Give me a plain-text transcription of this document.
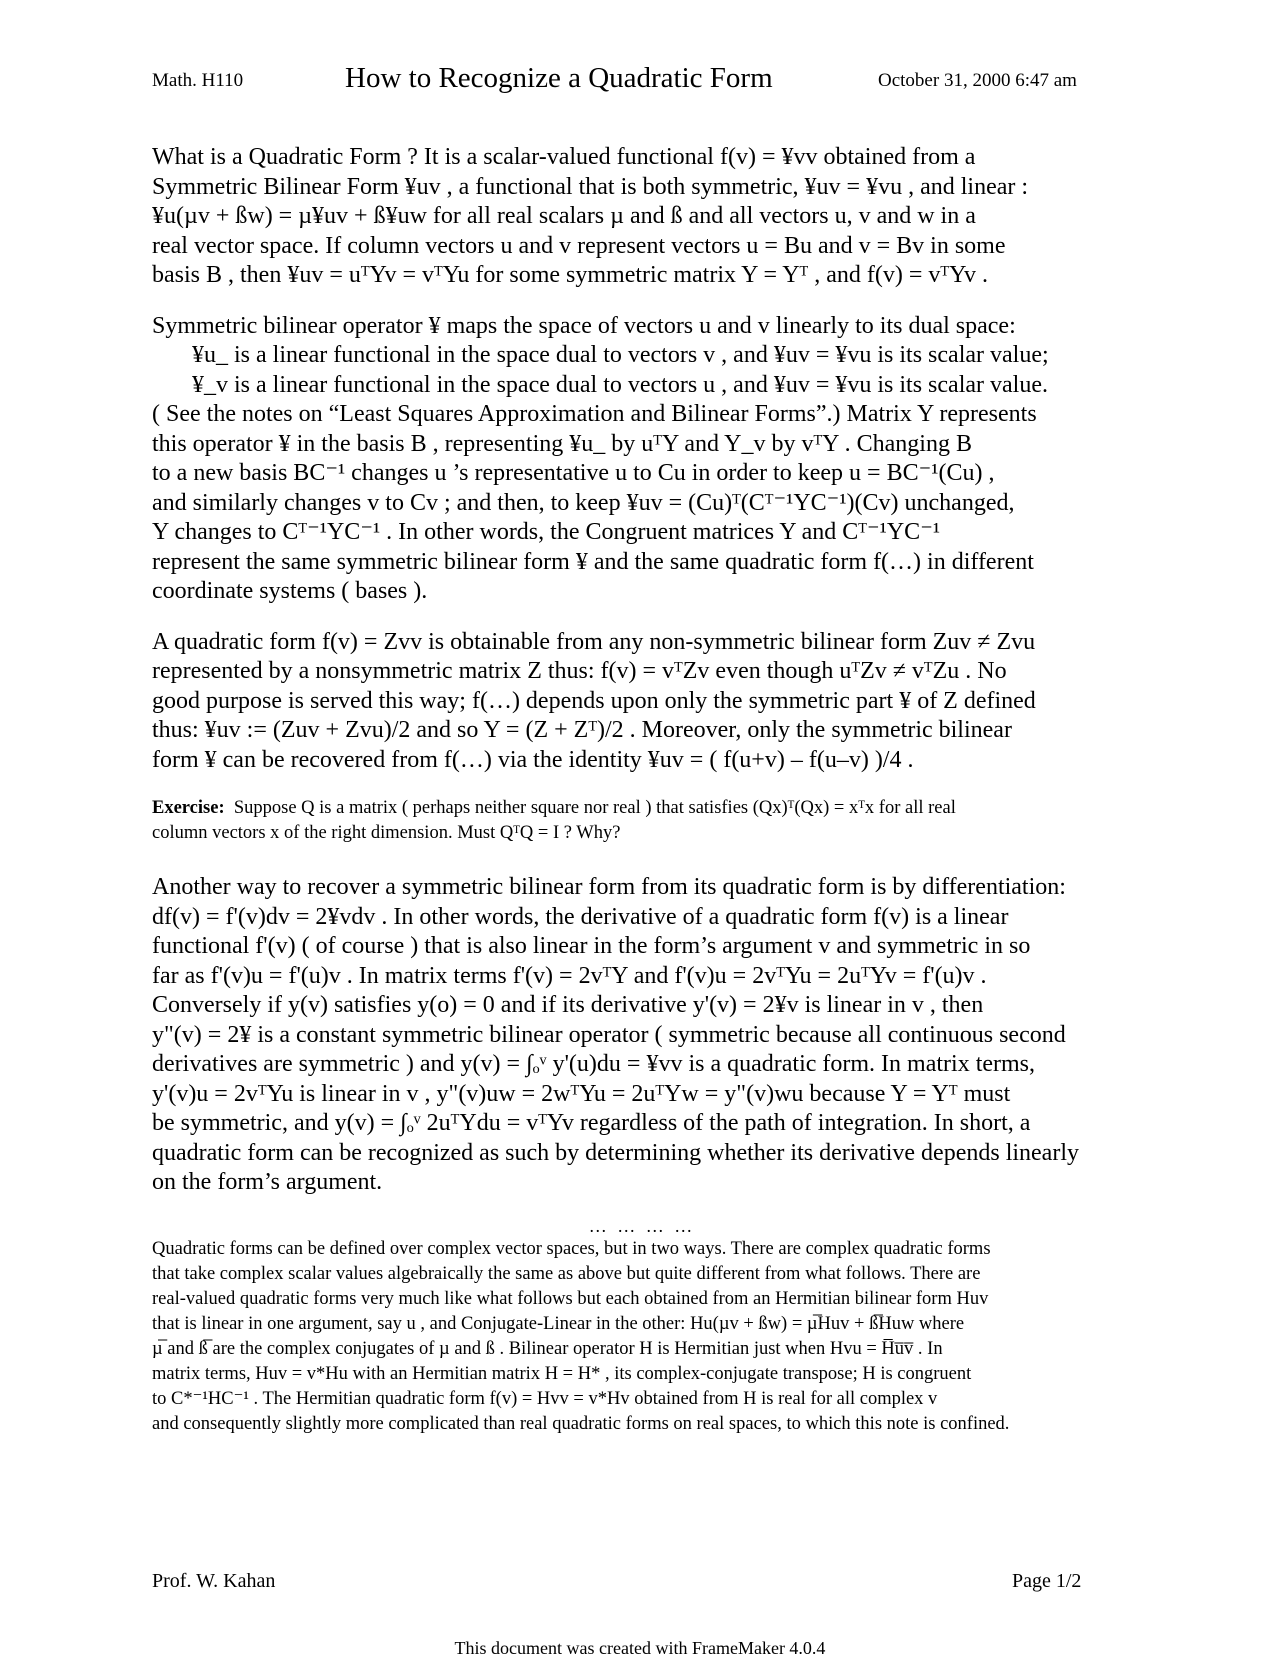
Math. H110	How to Recognize a Quadratic Form	October 31, 2000 6:47 am
What is a Quadratic Form ? It is a scalar-valued functional f(v) = ¥vv obtained from a
Symmetric Bilinear Form ¥uv , a functional that is both symmetric, ¥uv = ¥vu , and linear :
¥u(µv + ßw) = µ¥uv + ß¥uw for all real scalars µ and ß and all vectors u, v and w in a
real vector space. If column vectors u and v represent vectors u = Bu and v = Bv in some
basis B , then ¥uv = uᵀYv = vᵀYu for some symmetric matrix Y = Yᵀ , and f(v) = vᵀYv .
Symmetric bilinear operator ¥ maps the space of vectors u and v linearly to its dual space:
¥u_ is a linear functional in the space dual to vectors v , and ¥uv = ¥vu is its scalar value;
¥_v is a linear functional in the space dual to vectors u , and ¥uv = ¥vu is its scalar value.
( See the notes on “Least Squares Approximation and Bilinear Forms”.) Matrix Y represents
this operator ¥ in the basis B , representing ¥u_ by uᵀY and Y_v by vᵀY . Changing B
to a new basis BC⁻¹ changes u ’s representative u to Cu in order to keep u = BC⁻¹(Cu) ,
and similarly changes v to Cv ; and then, to keep ¥uv = (Cu)ᵀ(Cᵀ⁻¹YC⁻¹)(Cv) unchanged,
Y changes to Cᵀ⁻¹YC⁻¹ . In other words, the Congruent matrices Y and Cᵀ⁻¹YC⁻¹
represent the same symmetric bilinear form ¥ and the same quadratic form f(…) in different
coordinate systems ( bases ).
A quadratic form f(v) = Zvv is obtainable from any non-symmetric bilinear form Zuv ≠ Zvu
represented by a nonsymmetric matrix Z thus: f(v) = vᵀZv even though uᵀZv ≠ vᵀZu . No
good purpose is served this way; f(…) depends upon only the symmetric part ¥ of Z defined
thus: ¥uv := (Zuv + Zvu)/2 and so Y = (Z + Zᵀ)/2 . Moreover, only the symmetric bilinear
form ¥ can be recovered from f(…) via the identity ¥uv = ( f(u+v) – f(u–v) )/4 .
Exercise: Suppose Q is a matrix ( perhaps neither square nor real ) that satisfies (Qx)ᵀ(Qx) = xᵀx for all real
column vectors x of the right dimension. Must QᵀQ = I ? Why?
Another way to recover a symmetric bilinear form from its quadratic form is by differentiation:
df(v) = f'(v)dv = 2¥vdv . In other words, the derivative of a quadratic form f(v) is a linear
functional f'(v) ( of course ) that is also linear in the form’s argument v and symmetric in so
far as f'(v)u = f'(u)v . In matrix terms f'(v) = 2vᵀY and f'(v)u = 2vᵀYu = 2uᵀYv = f'(u)v .
Conversely if y(v) satisfies y(o) = 0 and if its derivative y'(v) = 2¥v is linear in v , then
y"(v) = 2¥ is a constant symmetric bilinear operator ( symmetric because all continuous second
derivatives are symmetric ) and y(v) = ∫ₒᵛ y'(u)du = ¥vv is a quadratic form. In matrix terms,
y'(v)u = 2vᵀYu is linear in v , y"(v)uw = 2wᵀYu = 2uᵀYw = y"(v)wu because Y = Yᵀ must
be symmetric, and y(v) = ∫ₒᵛ 2uᵀYdu = vᵀYv regardless of the path of integration. In short, a
quadratic form can be recognized as such by determining whether its derivative depends linearly
on the form’s argument.
… … … …
Quadratic forms can be defined over complex vector spaces, but in two ways. There are complex quadratic forms
that take complex scalar values algebraically the same as above but quite different from what follows. There are
real-valued quadratic forms very much like what follows but each obtained from an Hermitian bilinear form Huv
that is linear in one argument, say u , and Conjugate-Linear in the other: Hu(µv + ßw) = µ̅Huv + ß̅Huw where
µ̅ and ß̅ are the complex conjugates of µ and ß . Bilinear operator H is Hermitian just when Hvu = H̅u̅v̅ . In
matrix terms, Huv = v*Hu with an Hermitian matrix H = H* , its complex-conjugate transpose; H is congruent
to C*⁻¹HC⁻¹ . The Hermitian quadratic form f(v) = Hvv = v*Hv obtained from H is real for all complex v
and consequently slightly more complicated than real quadratic forms on real spaces, to which this note is confined.
Prof. W. Kahan	Page 1/2
This document was created with FrameMaker 4.0.4
